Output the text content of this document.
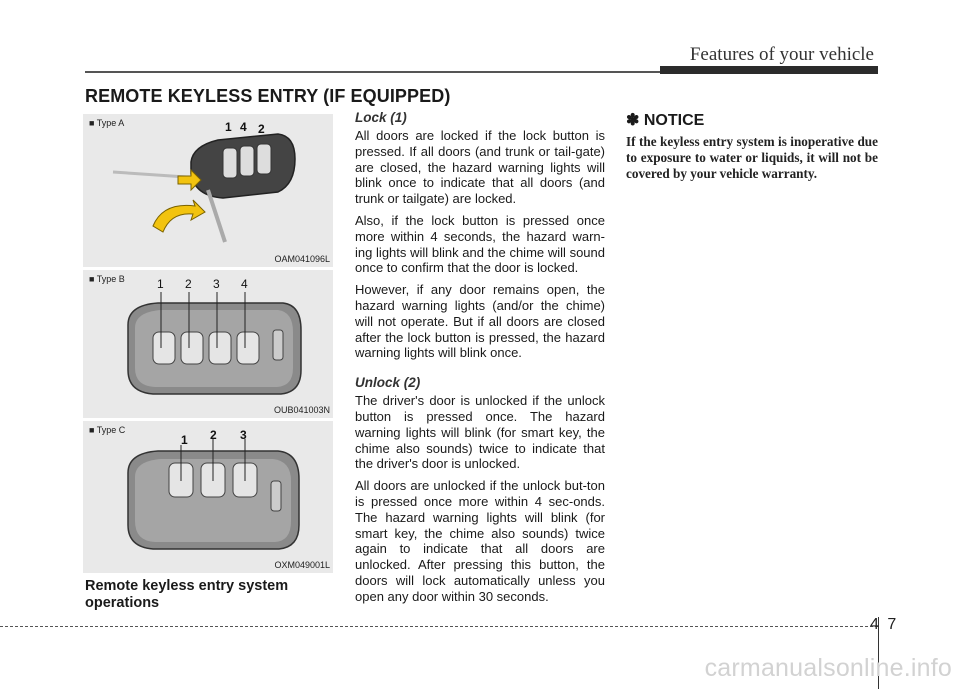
Features of your vehicle
REMOTE KEYLESS ENTRY (IF EQUIPPED)
■ Type A	1 4 2
OAM041096L
■ Type B	1 2 3 4
OUB041003N
■ Type C
1 2 3
OXM049001L
Remote keyless entry system operations
Lock (1)

All doors are locked if the lock button is pressed. If all doors (and trunk or tail-gate) are closed, the hazard warning lights will blink once to indicate that all doors (and trunk or tailgate) are locked.

Also, if the lock button is pressed once more within 4 seconds, the hazard warn-ing lights will blink and the chime will sound once to confirm that the door is locked.

However, if any door remains open, the hazard warning lights (and/or the chime) will not operate. But if all doors are closed after the lock button is pressed, the hazard warning lights will blink once.

Unlock (2)

The driver's door is unlocked if the unlock button is pressed once. The hazard warning lights will blink (for smart key, the chime also sounds) twice to indicate that the driver's door is unlocked.

All doors are unlocked if the unlock but-ton is pressed once more within 4 sec-onds. The hazard warning lights will blink (for smart key, the chime also sounds) twice again to indicate that all doors are unlocked. After pressing this button, the doors will lock automatically unless you open any door within 30 seconds.

✽ NOTICE
If the keyless entry system is inoperative due to exposure to water or liquids, it will not be covered by your vehicle warranty.
4 7
carmanualsonline.info
